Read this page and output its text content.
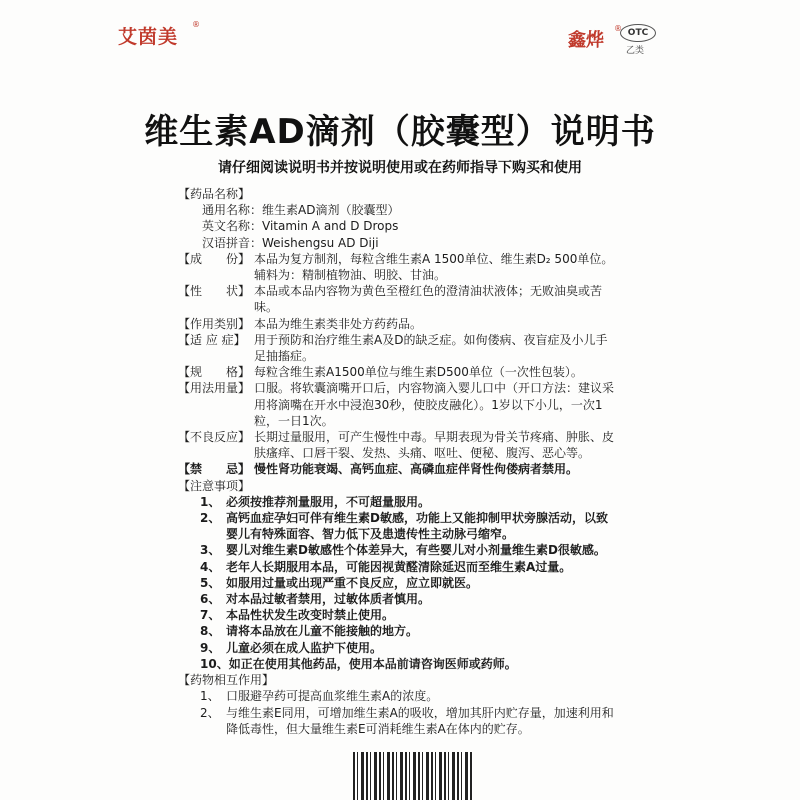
艾茵美
®
鑫烨
® OTC
乙类
维生素AD滴剂（胶囊型）说明书
请仔细阅读说明书并按说明使用或在药师指导下购买和使用
【药品名称】
通用名称： 维生素AD滴剂（胶囊型）
英文名称： Vitamin A and D Drops
汉语拼音： Weishengsu AD Diji
【成　　份】 本品为复方制剂，每粒含维生素A 1500单位、维生素D₂ 500单位。 辅料为：精制植物油、明胶、甘油。
【性　　状】 本品或本品内容物为黄色至橙红色的澄清油状液体；无败油臭或苦味。
【作用类别】 本品为维生素类非处方药药品。
【适 应 症】 用于预防和治疗维生素A及D的缺乏症。如佝偻病、夜盲症及小儿手足抽搐症。
【规　　格】 每粒含维生素A1500单位与维生素D500单位（一次性包装）。
【用法用量】 口服。将软囊滴嘴开口后，内容物滴入婴儿口中（开口方法：建议采用将滴嘴在开水中浸泡30秒，使胶皮融化）。1岁以下小儿，一次1粒，一日1次。
【不良反应】 长期过量服用，可产生慢性中毒。早期表现为骨关节疼痛、肿胀、皮肤瘙痒、口唇干裂、发热、头痛、呕吐、便秘、腹泻、恶心等。
【禁　　忌】 慢性肾功能衰竭、高钙血症、高磷血症伴肾性佝偻病者禁用。
【注意事项】
1、 必须按推荐剂量服用，不可超量服用。
2、 高钙血症孕妇可伴有维生素D敏感，功能上又能抑制甲状旁腺活动，以致婴儿有特殊面容、智力低下及患遗传性主动脉弓缩窄。
3、 婴儿对维生素D敏感性个体差异大，有些婴儿对小剂量维生素D很敏感。
4、 老年人长期服用本品，可能因视黄醛清除延迟而至维生素A过量。
5、 如服用过量或出现严重不良反应，应立即就医。
6、 对本品过敏者禁用，过敏体质者慎用。
7、 本品性状发生改变时禁止使用。
8、 请将本品放在儿童不能接触的地方。
9、 儿童必须在成人监护下使用。
10、 如正在使用其他药品，使用本品前请咨询医师或药师。
【药物相互作用】
1、 口服避孕药可提高血浆维生素A的浓度。
2、 与维生素E同用，可增加维生素A的吸收，增加其肝内贮存量，加速利用和降低毒性，但大量维生素E可消耗维生素A在体内的贮存。
